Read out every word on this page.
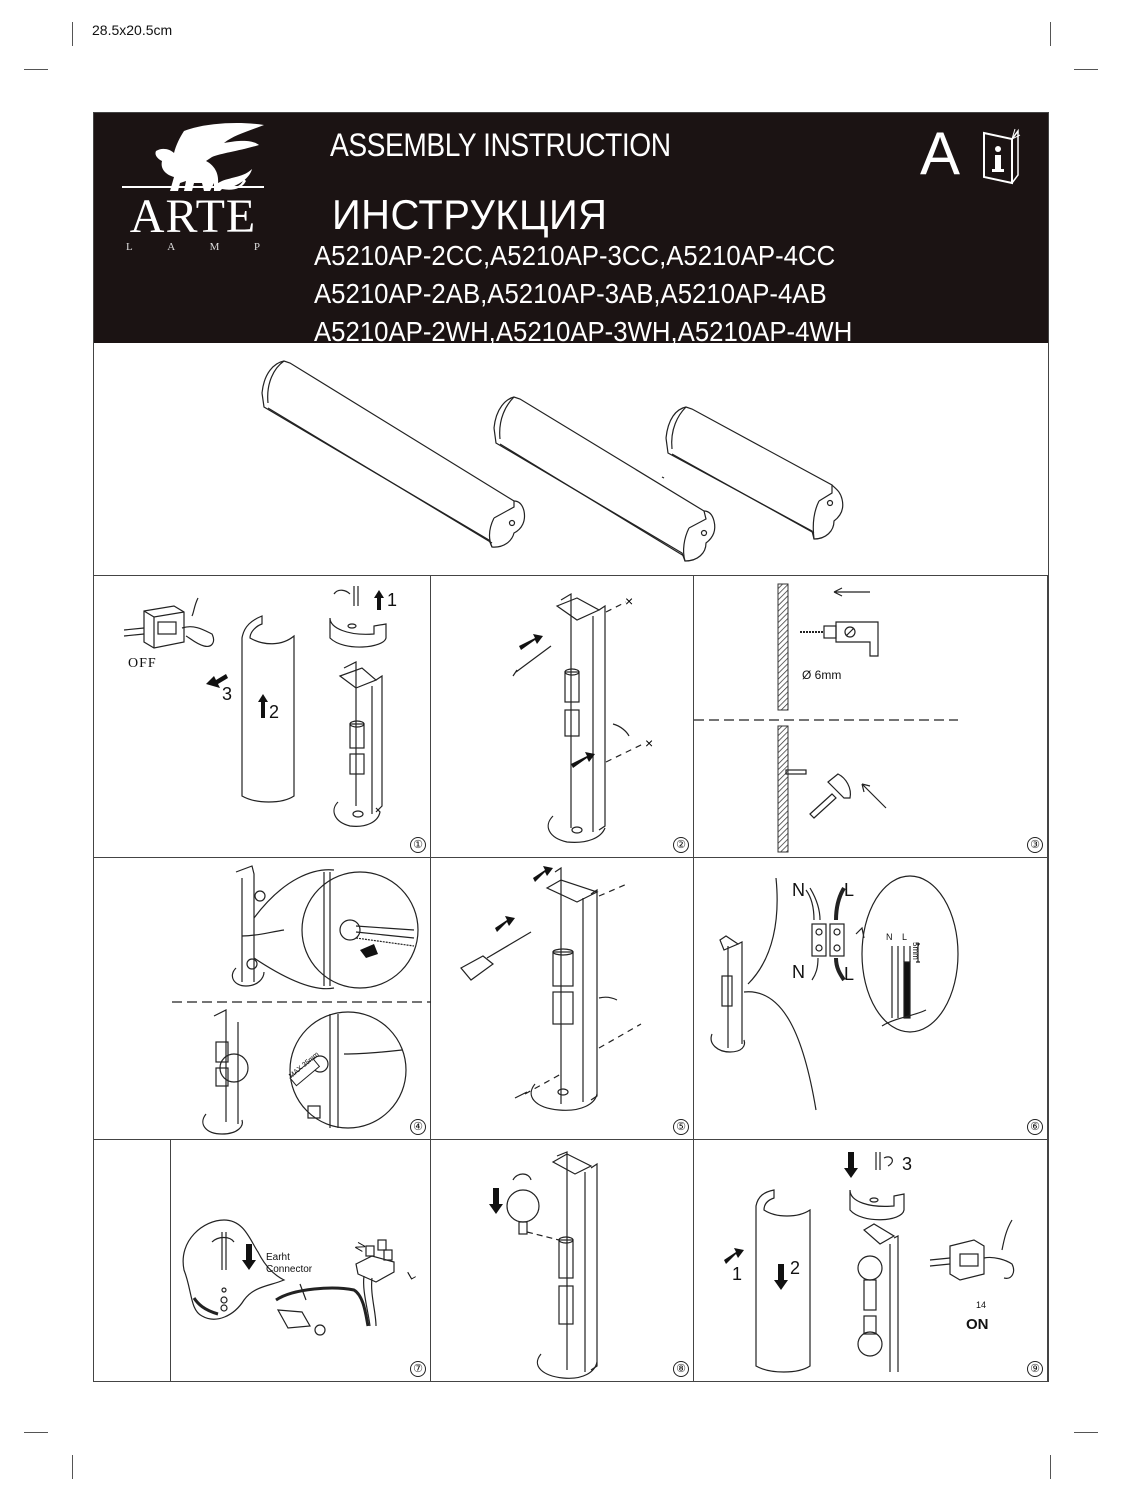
28.5x20.5cm
ARTE
L	A	M	P
ASSEMBLY INSTRUCTION
ИНСТРУКЦИЯ
A5210AP-2CC,A5210AP-3CC,A5210AP-4CC
A5210AP-2AB,A5210AP-3AB,A5210AP-4AB
A5210AP-2WH,A5210AP-3WH,A5210AP-4WH
A
OFF
1
2
3
①
×
×
②
Ø 6mm
③
MAX 35mm
④	⑤
N L
N L
N L
5mm
⑥
Earht
Connector
N
L
⑦	⑧
3
1	2
14
ON
⑨
